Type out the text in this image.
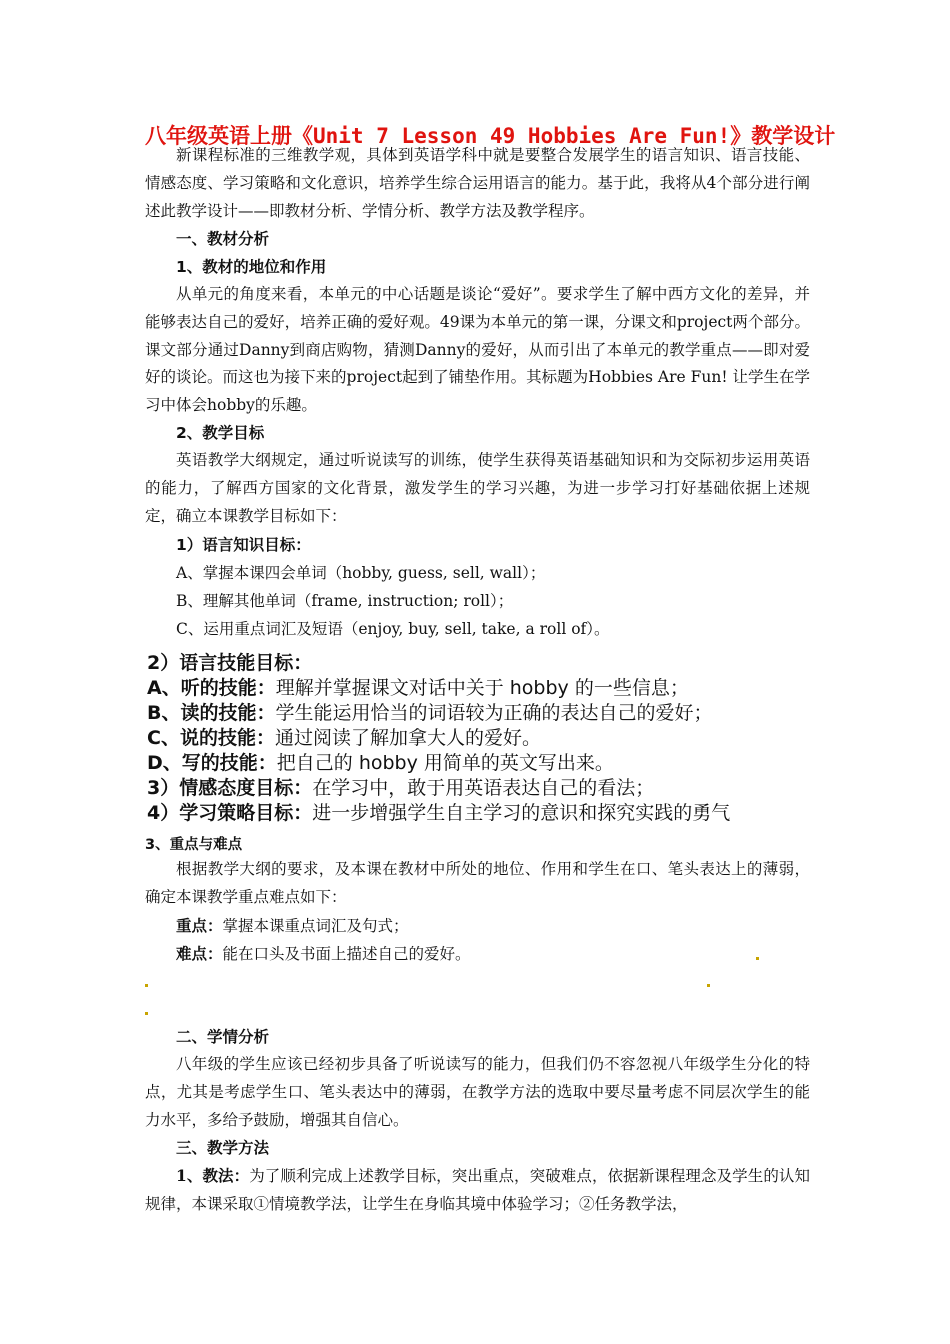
八年级英语上册《Unit 7 Lesson 49 Hobbies Are Fun!》教学设计
新课程标准的三维教学观，具体到英语学科中就是要整合发展学生的语言知识、语言技能、情感态度、学习策略和文化意识，培养学生综合运用语言的能力。基于此，我将从4个部分进行阐述此教学设计——即教材分析、学情分析、教学方法及教学程序。
一、教材分析
1、教材的地位和作用
从单元的角度来看，本单元的中心话题是谈论“爱好”。要求学生了解中西方文化的差异，并能够表达自己的爱好，培养正确的爱好观。49课为本单元的第一课，分课文和project两个部分。课文部分通过Danny到商店购物，猜测Danny的爱好，从而引出了本单元的教学重点——即对爱好的谈论。而这也为接下来的project起到了铺垫作用。其标题为Hobbies Are Fun! 让学生在学习中体会hobby的乐趣。
2、教学目标
英语教学大纲规定，通过听说读写的训练，使学生获得英语基础知识和为交际初步运用英语的能力，了解西方国家的文化背景，激发学生的学习兴趣，为进一步学习打好基础依据上述规定，确立本课教学目标如下：
1）语言知识目标：
A、掌握本课四会单词（hobby, guess, sell, wall）；
B、理解其他单词（frame, instruction; roll）；
C、运用重点词汇及短语（enjoy, buy, sell, take, a roll of）。
2）语言技能目标：
A、听的技能：理解并掌握课文对话中关于 hobby 的一些信息；
B、读的技能：学生能运用恰当的词语较为正确的表达自己的爱好；
C、说的技能：通过阅读了解加拿大人的爱好。
D、写的技能：把自己的 hobby 用简单的英文写出来。
3）情感态度目标：在学习中，敢于用英语表达自己的看法；
4）学习策略目标：进一步增强学生自主学习的意识和探究实践的勇气
3、重点与难点
根据教学大纲的要求，及本课在教材中所处的地位、作用和学生在口、笔头表达上的薄弱，确定本课教学重点难点如下：
重点：掌握本课重点词汇及句式；
难点：能在口头及书面上描述自己的爱好。
二、学情分析
八年级的学生应该已经初步具备了听说读写的能力，但我们仍不容忽视八年级学生分化的特点，尤其是考虑学生口、笔头表达中的薄弱，在教学方法的选取中要尽量考虑不同层次学生的能力水平，多给予鼓励，增强其自信心。
三、教学方法
1、教法：为了顺利完成上述教学目标，突出重点，突破难点，依据新课程理念及学生的认知规律，本课采取①情境教学法，让学生在身临其境中体验学习；②任务教学法，
